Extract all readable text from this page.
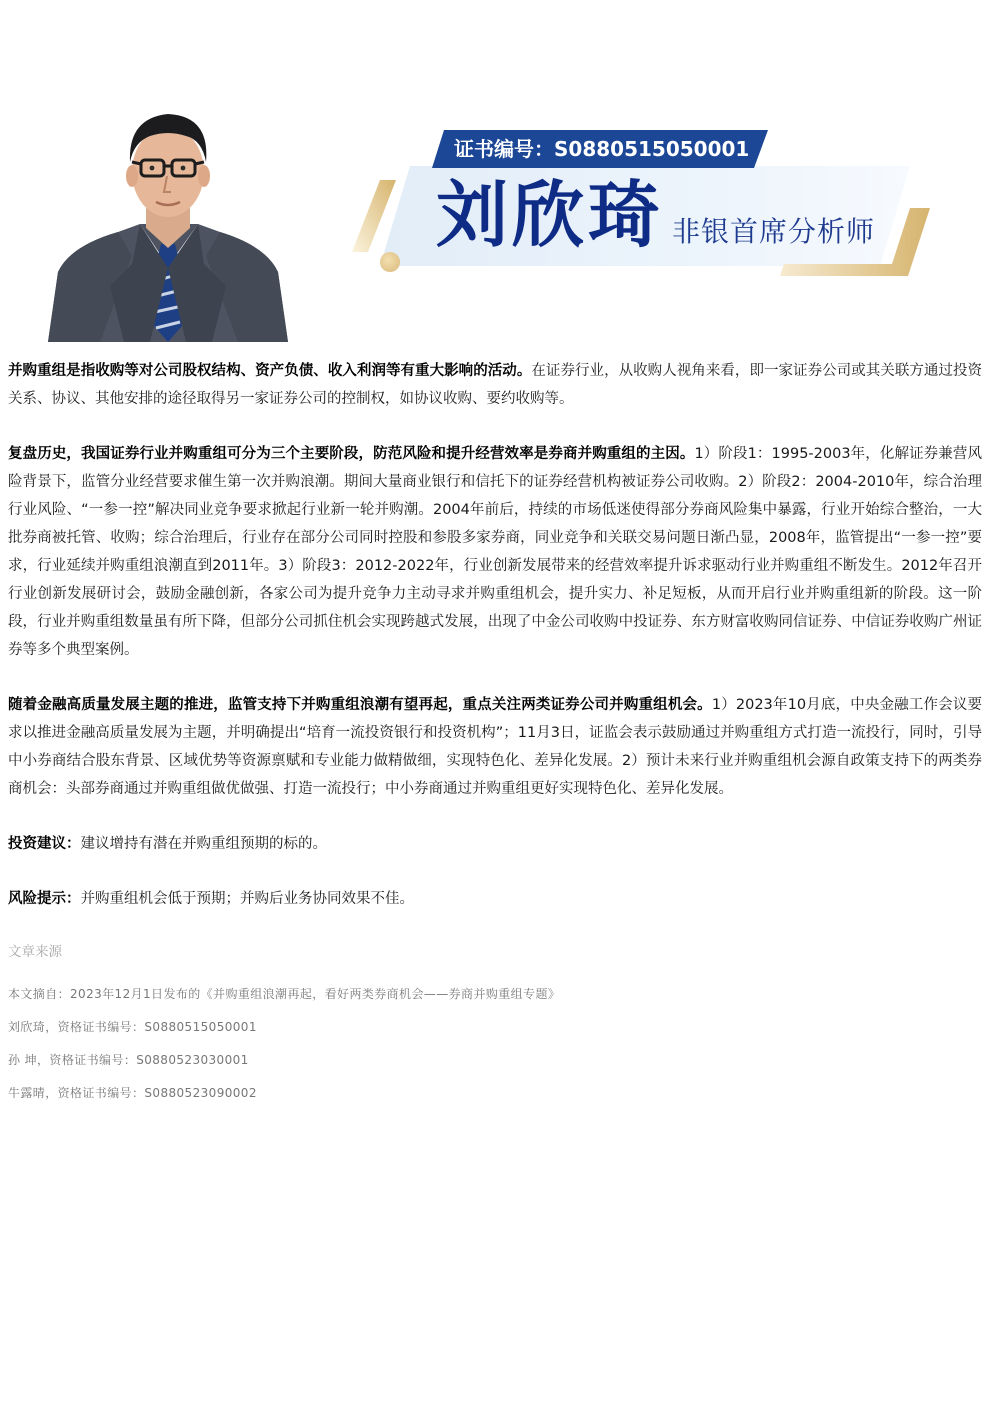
证书编号：S0880515050001
刘欣琦 非银首席分析师

并购重组是指收购等对公司股权结构、资产负债、收入利润等有重大影响的活动。在证券行业，从收购人视角来看，即一家证券公司或其关联方通过投资关系、协议、其他安排的途径取得另一家证券公司的控制权，如协议收购、要约收购等。

复盘历史，我国证券行业并购重组可分为三个主要阶段，防范风险和提升经营效率是券商并购重组的主因。1）阶段1：1995-2003年，化解证券兼营风险背景下，监管分业经营要求催生第一次并购浪潮。期间大量商业银行和信托下的证券经营机构被证券公司收购。2）阶段2：2004-2010年，综合治理行业风险、“一参一控”解决同业竞争要求掀起行业新一轮并购潮。2004年前后，持续的市场低迷使得部分券商风险集中暴露，行业开始综合整治，一大批券商被托管、收购；综合治理后，行业存在部分公司同时控股和参股多家券商，同业竞争和关联交易问题日渐凸显，2008年，监管提出“一参一控”要求，行业延续并购重组浪潮直到2011年。3）阶段3：2012-2022年，行业创新发展带来的经营效率提升诉求驱动行业并购重组不断发生。2012年召开行业创新发展研讨会，鼓励金融创新，各家公司为提升竞争力主动寻求并购重组机会，提升实力、补足短板，从而开启行业并购重组新的阶段。这一阶段，行业并购重组数量虽有所下降，但部分公司抓住机会实现跨越式发展，出现了中金公司收购中投证券、东方财富收购同信证券、中信证券收购广州证券等多个典型案例。

随着金融高质量发展主题的推进，监管支持下并购重组浪潮有望再起，重点关注两类证券公司并购重组机会。1）2023年10月底，中央金融工作会议要求以推进金融高质量发展为主题，并明确提出“培育一流投资银行和投资机构”；11月3日，证监会表示鼓励通过并购重组方式打造一流投行，同时，引导中小券商结合股东背景、区域优势等资源禀赋和专业能力做精做细，实现特色化、差异化发展。2）预计未来行业并购重组机会源自政策支持下的两类券商机会：头部券商通过并购重组做优做强、打造一流投行；中小券商通过并购重组更好实现特色化、差异化发展。

投资建议：建议增持有潜在并购重组预期的标的。

风险提示：并购重组机会低于预期；并购后业务协同效果不佳。

文章来源

本文摘自：2023年12月1日发布的《并购重组浪潮再起，看好两类券商机会——券商并购重组专题》

刘欣琦，资格证书编号：S0880515050001

孙 坤，资格证书编号：S0880523030001

牛露晴，资格证书编号：S0880523090002
